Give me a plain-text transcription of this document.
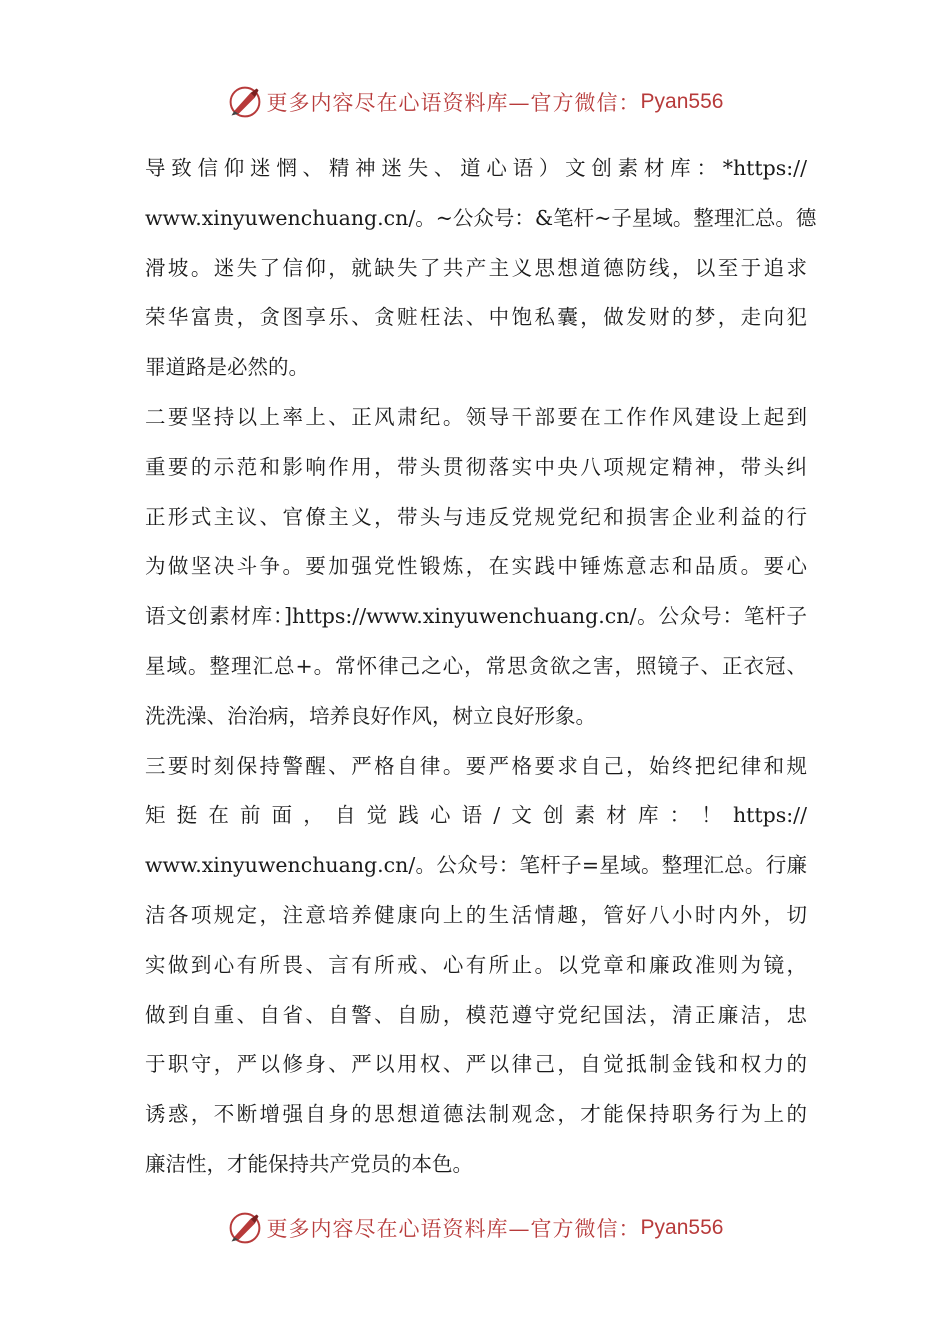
更多内容尽在心语资料库—官方微信： Pyan556
导致信仰迷惘、精神迷失、道心语）文创素材库：*https://
www.xinyuwenchuang.cn/。~公众号：&笔杆~子星域。整理汇总。德
滑坡。迷失了信仰，就缺失了共产主义思想道德防线，以至于追求
荣华富贵，贪图享乐、贪赃枉法、中饱私囊，做发财的梦，走向犯
罪道路是必然的。
二要坚持以上率上、正风肃纪。领导干部要在工作作风建设上起到
重要的示范和影响作用，带头贯彻落实中央八项规定精神，带头纠
正形式主议、官僚主义，带头与违反党规党纪和损害企业利益的行
为做坚决斗争。要加强党性锻炼，在实践中锤炼意志和品质。要心
语文创素材库：]https://www.xinyuwenchuang.cn/。公众号：笔杆子
星域。整理汇总+。常怀律己之心，常思贪欲之害，照镜子、正衣冠、
洗洗澡、治治病，培养良好作风，树立良好形象。
三要时刻保持警醒、严格自律。要严格要求自己，始终把纪律和规
矩挺在前面，自觉践心语/文创素材库：！https://
www.xinyuwenchuang.cn/。公众号：笔杆子=星域。整理汇总。行廉
洁各项规定，注意培养健康向上的生活情趣，管好八小时内外，切
实做到心有所畏、言有所戒、心有所止。以党章和廉政准则为镜，
做到自重、自省、自警、自励，模范遵守党纪国法，清正廉洁，忠
于职守，严以修身、严以用权、严以律己，自觉抵制金钱和权力的
诱惑，不断增强自身的思想道德法制观念，才能保持职务行为上的
廉洁性，才能保持共产党员的本色。
更多内容尽在心语资料库—官方微信： Pyan556
